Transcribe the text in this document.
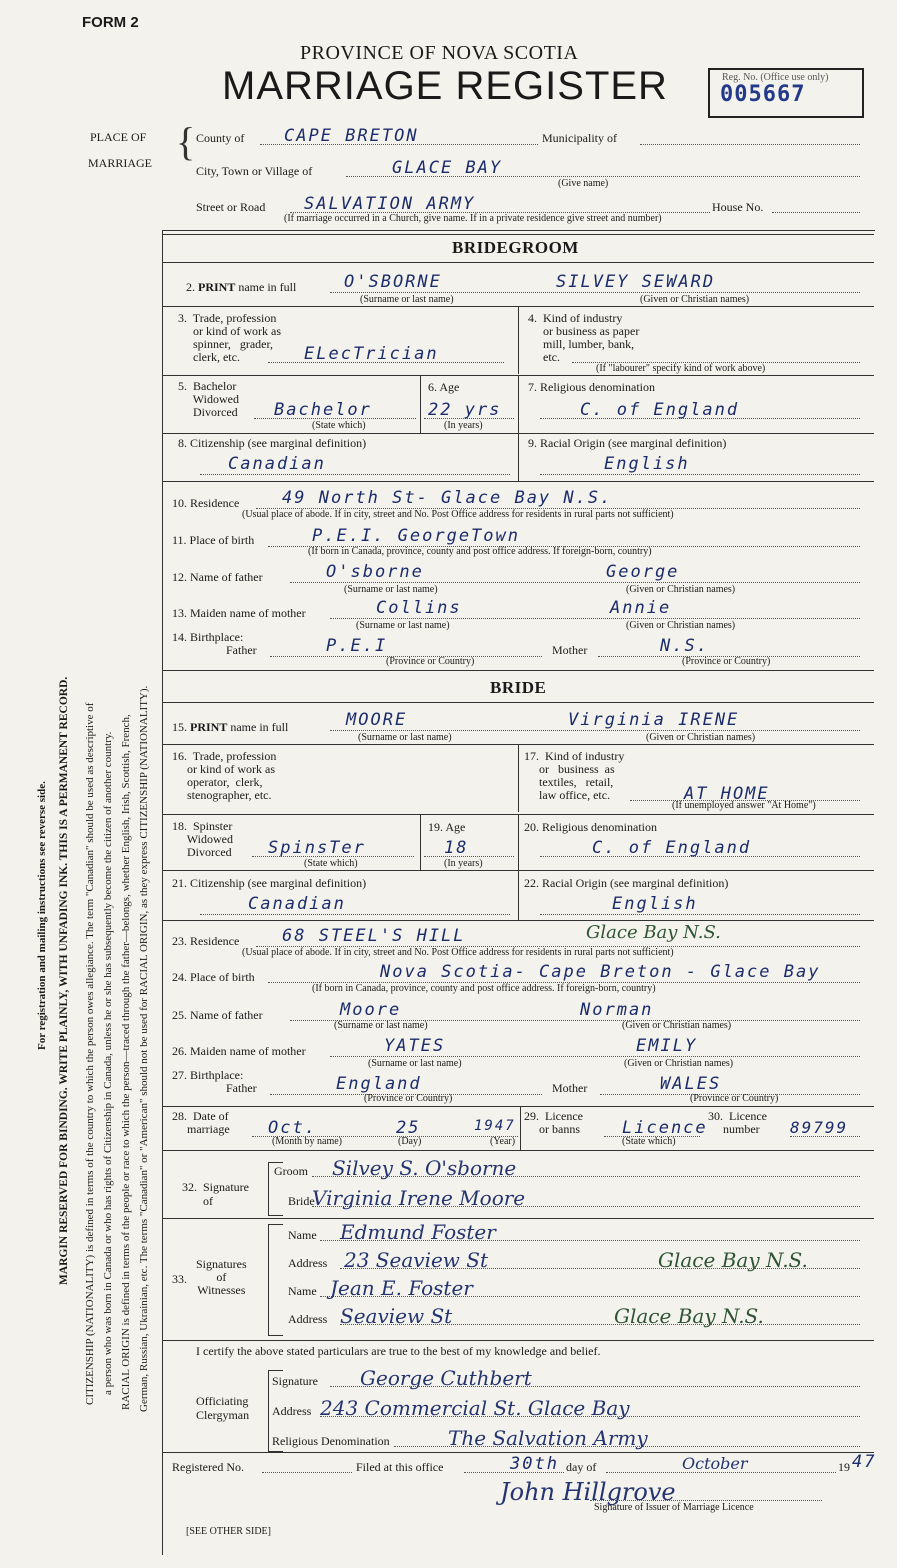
FORM 2
PROVINCE OF NOVA SCOTIA
MARRIAGE REGISTER	Reg. No. (Office use only)
005667
PLACE OF
MARRIAGE { County of	CAPE BRETON	Municipality of
City, Town or Village of	GLACE BAY
(Give name)
Street or Road	SALVATION ARMY	House No.
(If marriage occurred in a Church, give name. If in a private residence give street and number)
For registration and mailing instructions see reverse side. MARGIN RESERVED FOR BINDING. WRITE PLAINLY, WITH UNFADING INK. THIS IS A PERMANENT RECORD. CITIZENSHIP (NATIONALITY) is defined in terms of the country to which the person owes allegiance. The term "Canadian" should be used as descriptive of a person who was born in Canada or who has rights of Citizenship in Canada, unless he or she has subsequently become the citizen of another country. RACIAL ORIGIN is defined in terms of the people or race to which the person—traced through the father—belongs, whether English, Irish, Scottish, French, German, Russian, Ukrainian, etc. The terms "Canadian" or "American" should not be used for RACIAL ORIGIN, as they express CITIZENSHIP (NATIONALITY).
BRIDEGROOM
2. PRINT name in full	O'SBORNE	SILVEY SEWARD
(Surname or last name)	(Given or Christian names)
3.  Trade, profession
or kind of work as
spinner,   grader,
clerk, etc.	ELecTrician
4.  Kind of industry
or business as paper
mill, lumber, bank,
etc.
(If "labourer" specify kind of work above)
5.  Bachelor
Widowed
Divorced	Bachelor
(State which)
6. Age
22 yrs
(In years)
7. Religious denomination
C. of England
8. Citizenship (see marginal definition)
Canadian
9. Racial Origin (see marginal definition)
English
10. Residence	49 North St- Glace Bay N.S.
(Usual place of abode. If in city, street and No. Post Office address for residents in rural parts not sufficient)
11. Place of birth	P.E.I. GeorgeTown
(If born in Canada, province, county and post office address. If foreign-born, country)
12. Name of father	O'sborne	George
(Surname or last name)	(Given or Christian names)
13. Maiden name of mother	Collins	Annie
(Surname or last name)	(Given or Christian names)
14. Birthplace:
Father	P.E.I	Mother	N.S.
(Province or Country)	(Province or Country)
BRIDE
15. PRINT name in full	MOORE	Virginia IRENE
(Surname or last name)	(Given or Christian names)
16.  Trade, profession
or kind of work as
operator,  clerk,
stenographer, etc.
17.  Kind of industry
or   business  as
textiles,   retail,
law office, etc.	AT HOME
(If unemployed answer "At Home")
18.  Spinster
Widowed
Divorced	SpinsTer
(State which)
19. Age
18
(In years)
20. Religious denomination
C. of England
21. Citizenship (see marginal definition)
Canadian
22. Racial Origin (see marginal definition)
English
23. Residence	68 STEEL'S HILL	Glace Bay N.S.
(Usual place of abode. If in city, street and No. Post Office address for residents in rural parts not sufficient)
24. Place of birth	Nova Scotia- Cape Breton - Glace Bay
(If born in Canada, province, county and post office address. If foreign-born, country)
25. Name of father	Moore	Norman
(Surname or last name)	(Given or Christian names)
26. Maiden name of mother	YATES	EMILY
(Surname or last name)	(Given or Christian names)
27. Birthplace:
Father	England	Mother	WALES
(Province or Country)	(Province or Country)
28.  Date of
marriage Oct.	25	1947
(Month by name)	(Day)	(Year)
29.  Licence
or banns	Licence
(State which)
30.  Licence
number	89799
32.  Signature
of
Groom	Silvey S. O'sborne
Bride
Virginia Irene Moore
33.
Signatures
of
Witnesses
Name	Edmund Foster
Address 23 Seaview St	Glace Bay N.S.
Name Jean E. Foster
Address Seaview St	Glace Bay N.S.
I certify the above stated particulars are true to the best of my knowledge and belief.
Officiating
Clergyman
Signature	George Cuthbert
Address 243 Commercial St. Glace Bay
Religious Denomination	The Salvation Army
Registered No.	Filed at this office	30th day of	October	19 47
John Hillgrove
Signature of Issuer of Marriage Licence
[SEE OTHER SIDE]
